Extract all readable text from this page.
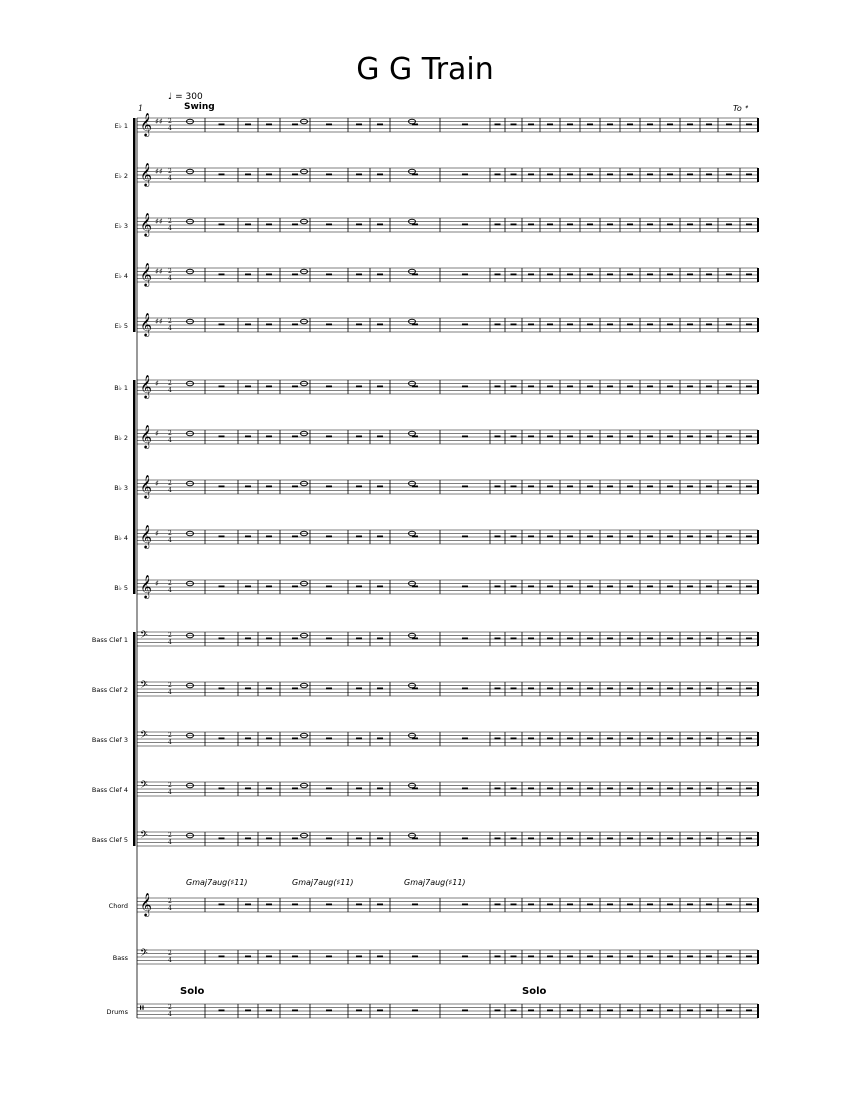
G G Train
♩ = 300
Swing
1	To 𝄌
E♭ 1
E♭ 2
E♭ 3
E♭ 4
E♭ 5
B♭ 1
B♭ 2
B♭ 3
B♭ 4
B♭ 5
Bass Clef 1
Bass Clef 2
Bass Clef 3
Bass Clef 4
Bass Clef 5
Chord
Bass
Drums
Gmaj7aug(♯11)	Gmaj7aug(♯11)	Gmaj7aug(♯11)
Solo	Solo
𝄞 ♯♯ 2
4
𝄞 ♯♯ 2
4
𝄞 ♯♯ 2
4
𝄞 ♯♯ 2
4
𝄞 ♯♯ 2
4
𝄞 ♯ 2
4
𝄞 ♯ 2
4
𝄞 ♯ 2
4
𝄞 ♯ 2
4
𝄞 ♯ 2
4
𝄢	2
4
𝄢	2
4
𝄢	2
4
𝄢	2
4
𝄢	2
4
𝄞	2
4
𝄢	2
4
𝄥	2
4
